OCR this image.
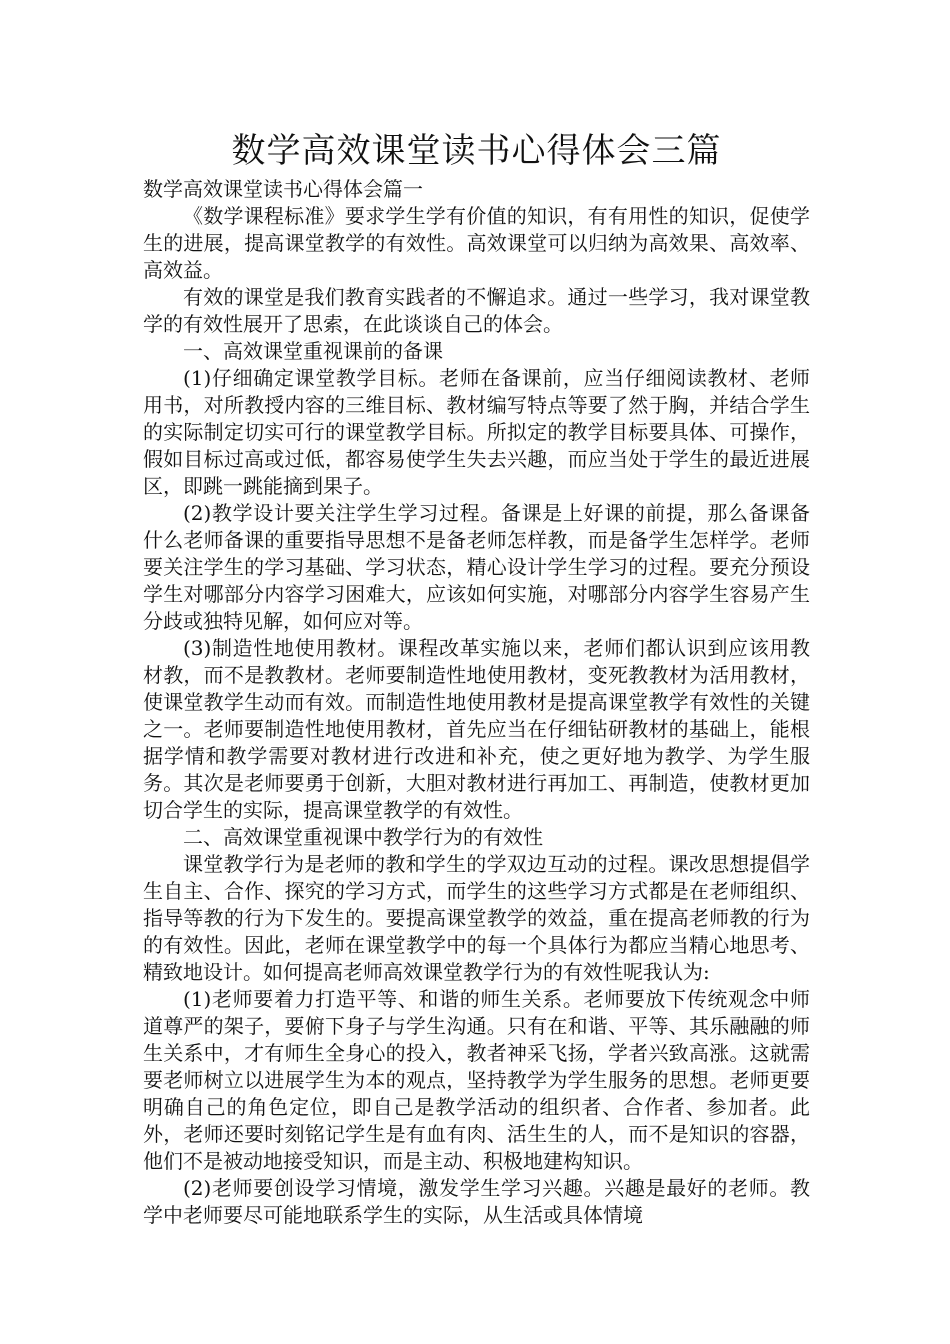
数学高效课堂读书心得体会三篇

数学高效课堂读书心得体会篇一

《数学课程标准》要求学生学有价值的知识，有有用性的知识，促使学生的进展，提高课堂教学的有效性。高效课堂可以归纳为高效果、高效率、高效益。

有效的课堂是我们教育实践者的不懈追求。通过一些学习，我对课堂教学的有效性展开了思索，在此谈谈自己的体会。

一、高效课堂重视课前的备课

(1)仔细确定课堂教学目标。老师在备课前，应当仔细阅读教材、老师用书，对所教授内容的三维目标、教材编写特点等要了然于胸，并结合学生的实际制定切实可行的课堂教学目标。所拟定的教学目标要具体、可操作，假如目标过高或过低，都容易使学生失去兴趣，而应当处于学生的最近进展区，即跳一跳能摘到果子。

(2)教学设计要关注学生学习过程。备课是上好课的前提，那么备课备什么老师备课的重要指导思想不是备老师怎样教，而是备学生怎样学。老师要关注学生的学习基础、学习状态，精心设计学生学习的过程。要充分预设学生对哪部分内容学习困难大，应该如何实施，对哪部分内容学生容易产生分歧或独特见解，如何应对等。

(3)制造性地使用教材。课程改革实施以来，老师们都认识到应该用教材教，而不是教教材。老师要制造性地使用教材，变死教教材为活用教材，使课堂教学生动而有效。而制造性地使用教材是提高课堂教学有效性的关键之一。老师要制造性地使用教材，首先应当在仔细钻研教材的基础上，能根据学情和教学需要对教材进行改进和补充，使之更好地为教学、为学生服务。其次是老师要勇于创新，大胆对教材进行再加工、再制造，使教材更加切合学生的实际，提高课堂教学的有效性。

二、高效课堂重视课中教学行为的有效性

课堂教学行为是老师的教和学生的学双边互动的过程。课改思想提倡学生自主、合作、探究的学习方式，而学生的这些学习方式都是在老师组织、指导等教的行为下发生的。要提高课堂教学的效益，重在提高老师教的行为的有效性。因此，老师在课堂教学中的每一个具体行为都应当精心地思考、精致地设计。如何提高老师高效课堂教学行为的有效性呢我认为:

(1)老师要着力打造平等、和谐的师生关系。老师要放下传统观念中师道尊严的架子，要俯下身子与学生沟通。只有在和谐、平等、其乐融融的师生关系中，才有师生全身心的投入，教者神采飞扬，学者兴致高涨。这就需要老师树立以进展学生为本的观点，坚持教学为学生服务的思想。老师更要明确自己的角色定位，即自己是教学活动的组织者、合作者、参加者。此外，老师还要时刻铭记学生是有血有肉、活生生的人，而不是知识的容器，他们不是被动地接受知识，而是主动、积极地建构知识。

(2)老师要创设学习情境，激发学生学习兴趣。兴趣是最好的老师。教学中老师要尽可能地联系学生的实际，从生活或具体情境
